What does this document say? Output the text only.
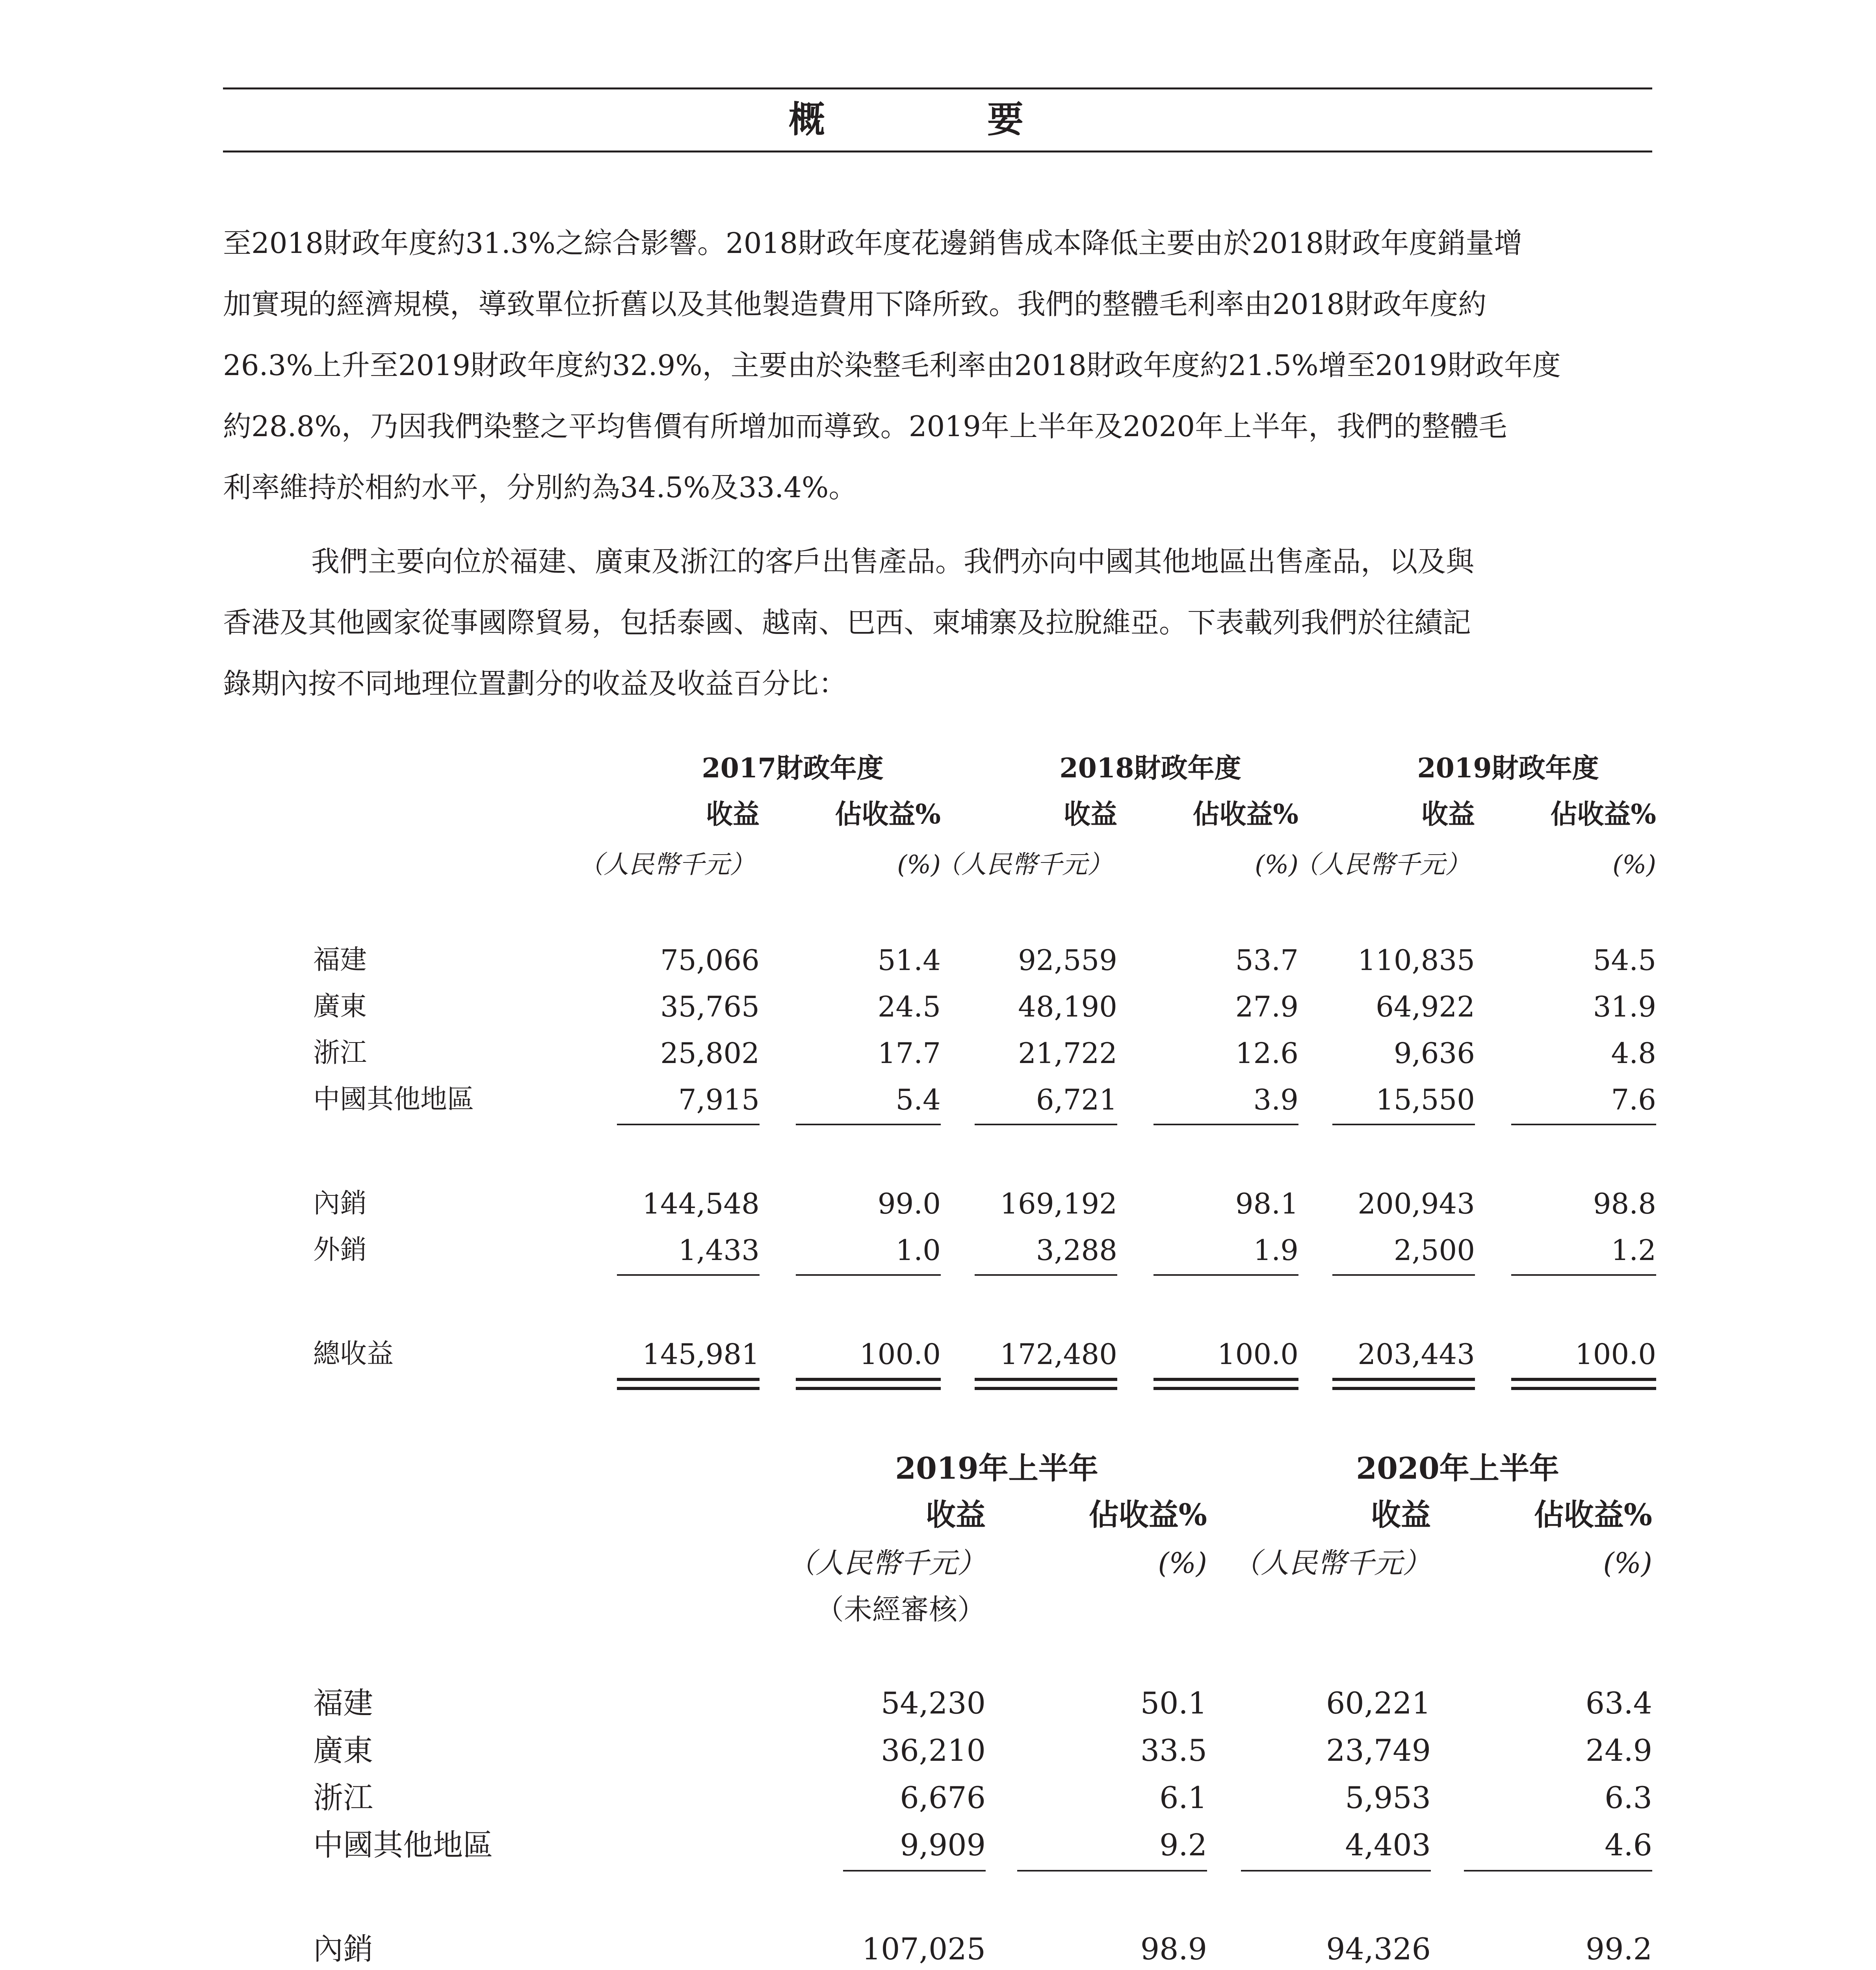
概　要
至2018財政年度約31.3%之綜合影響。2018財政年度花邊銷售成本降低主要由於2018財政年度銷量增
加實現的經濟規模，導致單位折舊以及其他製造費用下降所致。我們的整體毛利率由2018財政年度約
26.3%上升至2019財政年度約32.9%，主要由於染整毛利率由2018財政年度約21.5%增至2019財政年度
約28.8%，乃因我們染整之平均售價有所增加而導致。2019年上半年及2020年上半年，我們的整體毛
利率維持於相約水平，分別約為34.5%及33.4%。
我們主要向位於福建、廣東及浙江的客戶出售產品。我們亦向中國其他地區出售產品，以及與
香港及其他國家從事國際貿易，包括泰國、越南、巴西、柬埔寨及拉脫維亞。下表載列我們於往績記
錄期內按不同地理位置劃分的收益及收益百分比：
2017財政年度	2018財政年度	2019財政年度
收益	佔收益%	收益	佔收益%	收益	佔收益%
（人民幣千元）	(%)
（人民幣千元）	(%)
（人民幣千元）	(%)
福建	75,066	51.4	92,559	53.7	110,835	54.5
廣東	35,765	24.5	48,190	27.9	64,922	31.9
浙江	25,802	17.7	21,722	12.6	9,636	4.8
中國其他地區	7,915	5.4	6,721	3.9	15,550	7.6
內銷	144,548	99.0	169,192	98.1	200,943	98.8
外銷	1,433	1.0	3,288	1.9	2,500	1.2
總收益	145,981	100.0	172,480	100.0	203,443	100.0
2019年上半年	2020年上半年
收益	佔收益%	收益	佔收益%
（人民幣千元）	(%) （人民幣千元）	(%)
（未經審核）
福建	54,230	50.1	60,221	63.4
廣東	36,210	33.5	23,749	24.9
浙江	6,676	6.1	5,953	6.3
中國其他地區	9,909	9.2	4,403	4.6
內銷	107,025	98.9	94,326	99.2
